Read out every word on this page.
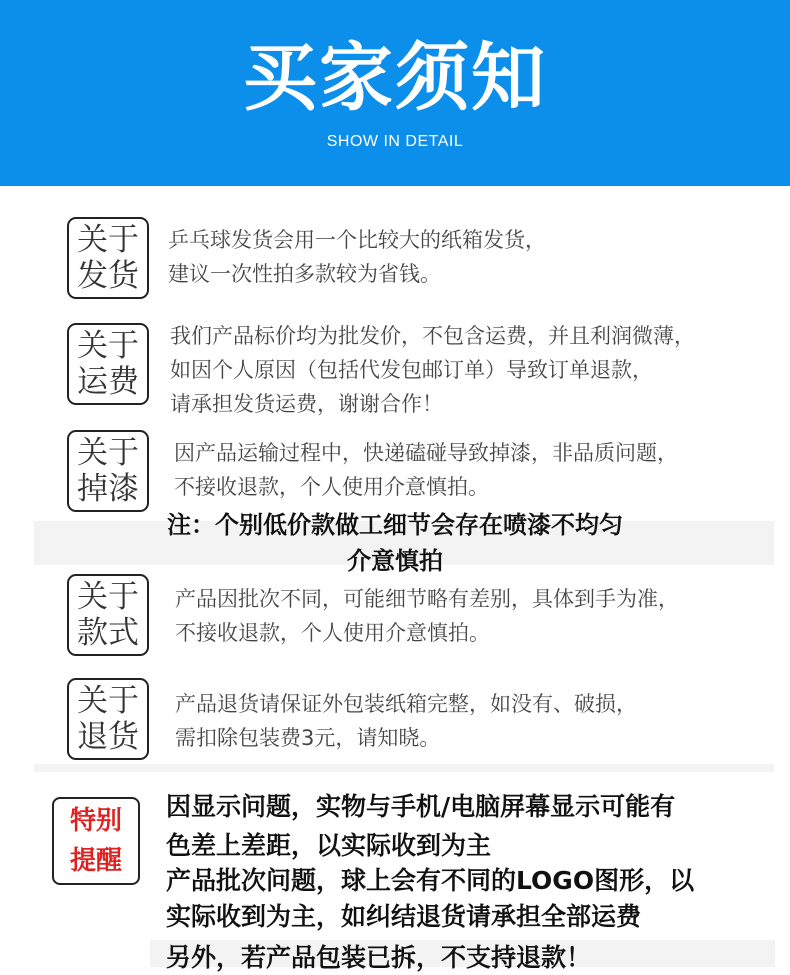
买家须知
SHOW IN DETAIL
关于
发货
乒乓球发货会用一个比较大的纸箱发货，
建议一次性拍多款较为省钱。
关于
运费
我们产品标价均为批发价，不包含运费，并且利润微薄，
如因个人原因（包括代发包邮订单）导致订单退款，
请承担发货运费，谢谢合作！
关于
掉漆
因产品运输过程中，快递磕碰导致掉漆，非品质问题，
不接收退款，个人使用介意慎拍。
注：个别低价款做工细节会存在喷漆不均匀
介意慎拍
关于
款式
产品因批次不同，可能细节略有差别，具体到手为准，
不接收退款，个人使用介意慎拍。
关于
退货
产品退货请保证外包装纸箱完整，如没有、破损，
需扣除包装费3元，请知晓。
特别
提醒
因显示问题，实物与手机/电脑屏幕显示可能有
色差上差距，以实际收到为主
产品批次问题，球上会有不同的LOGO图形，以
实际收到为主，如纠结退货请承担全部运费
另外，若产品包装已拆，不支持退款！
